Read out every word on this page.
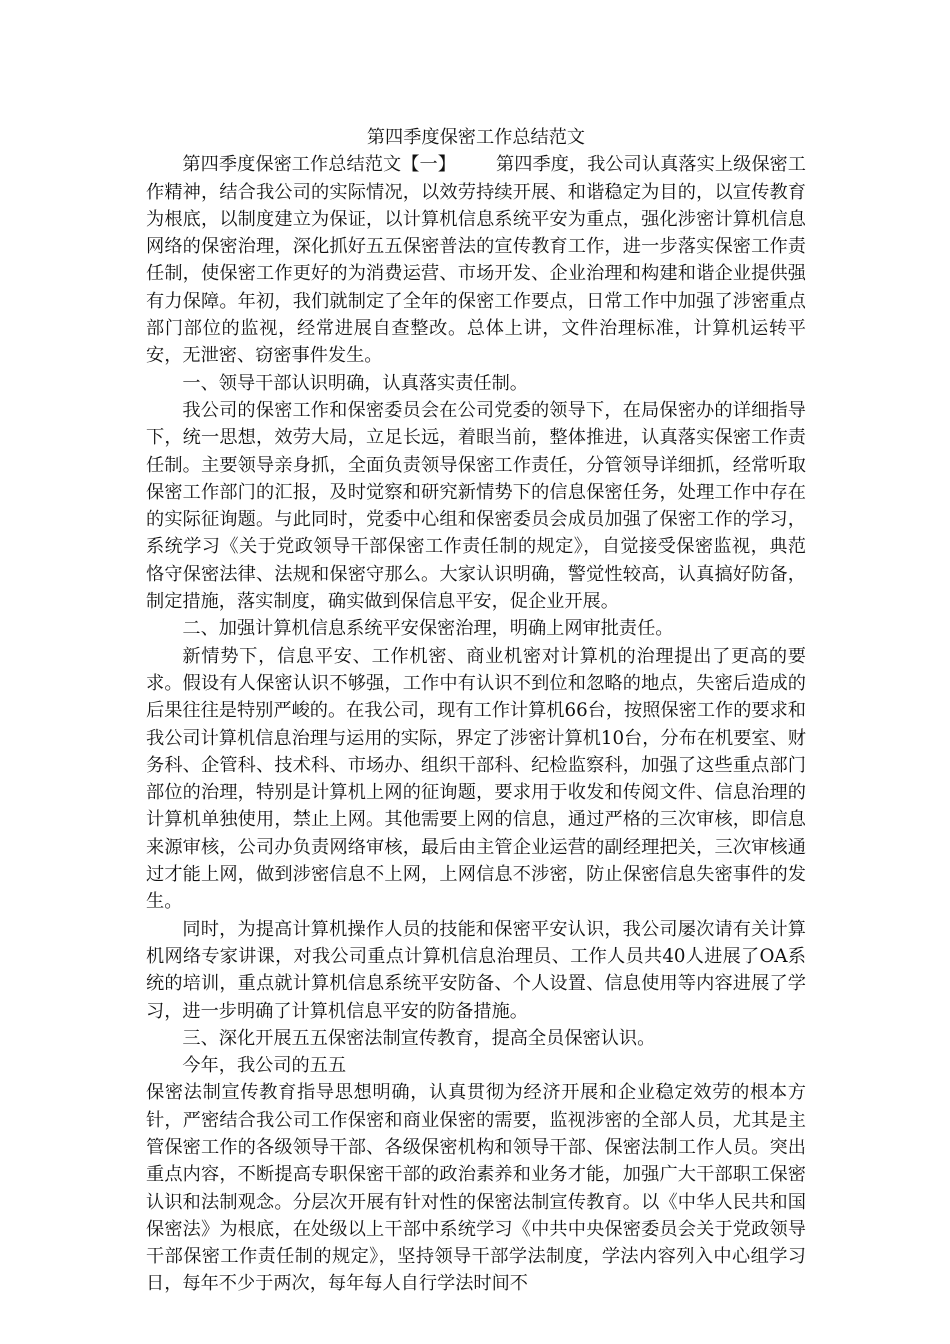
第四季度保密工作总结范文

第四季度保密工作总结范文【一】 第四季度，我公司认真落实上级保密工作精神，结合我公司的实际情况，以效劳持续开展、和谐稳定为目的，以宣传教育为根底，以制度建立为保证，以计算机信息系统平安为重点，强化涉密计算机信息网络的保密治理，深化抓好五五保密普法的宣传教育工作，进一步落实保密工作责任制，使保密工作更好的为消费运营、市场开发、企业治理和构建和谐企业提供强有力保障。年初，我们就制定了全年的保密工作要点，日常工作中加强了涉密重点部门部位的监视，经常进展自查整改。总体上讲，文件治理标准，计算机运转平安，无泄密、窃密事件发生。

一、领导干部认识明确，认真落实责任制。

我公司的保密工作和保密委员会在公司党委的领导下，在局保密办的详细指导下，统一思想，效劳大局，立足长远，着眼当前，整体推进，认真落实保密工作责任制。主要领导亲身抓，全面负责领导保密工作责任，分管领导详细抓，经常听取保密工作部门的汇报，及时觉察和研究新情势下的信息保密任务，处理工作中存在的实际征询题。与此同时，党委中心组和保密委员会成员加强了保密工作的学习，系统学习《关于党政领导干部保密工作责任制的规定》，自觉接受保密监视，典范恪守保密法律、法规和保密守那么。大家认识明确，警觉性较高，认真搞好防备，制定措施，落实制度，确实做到保信息平安，促企业开展。

二、加强计算机信息系统平安保密治理，明确上网审批责任。

新情势下，信息平安、工作机密、商业机密对计算机的治理提出了更高的要求。假设有人保密认识不够强，工作中有认识不到位和忽略的地点，失密后造成的后果往往是特别严峻的。在我公司，现有工作计算机66台，按照保密工作的要求和我公司计算机信息治理与运用的实际，界定了涉密计算机10台，分布在机要室、财务科、企管科、技术科、市场办、组织干部科、纪检监察科，加强了这些重点部门部位的治理，特别是计算机上网的征询题，要求用于收发和传阅文件、信息治理的计算机单独使用，禁止上网。其他需要上网的信息，通过严格的三次审核，即信息来源审核，公司办负责网络审核，最后由主管企业运营的副经理把关，三次审核通过才能上网，做到涉密信息不上网，上网信息不涉密，防止保密信息失密事件的发生。

同时，为提高计算机操作人员的技能和保密平安认识，我公司屡次请有关计算机网络专家讲课，对我公司重点计算机信息治理员、工作人员共40人进展了OA系统的培训，重点就计算机信息系统平安防备、个人设置、信息使用等内容进展了学习，进一步明确了计算机信息平安的防备措施。

三、深化开展五五保密法制宣传教育，提高全员保密认识。

今年，我公司的五五

保密法制宣传教育指导思想明确，认真贯彻为经济开展和企业稳定效劳的根本方针，严密结合我公司工作保密和商业保密的需要，监视涉密的全部人员，尤其是主管保密工作的各级领导干部、各级保密机构和领导干部、保密法制工作人员。突出重点内容，不断提高专职保密干部的政治素养和业务才能，加强广大干部职工保密认识和法制观念。分层次开展有针对性的保密法制宣传教育。以《中华人民共和国保密法》为根底，在处级以上干部中系统学习《中共中央保密委员会关于党政领导干部保密工作责任制的规定》，坚持领导干部学法制度，学法内容列入中心组学习日，每年不少于两次，每年每人自行学法时间不
